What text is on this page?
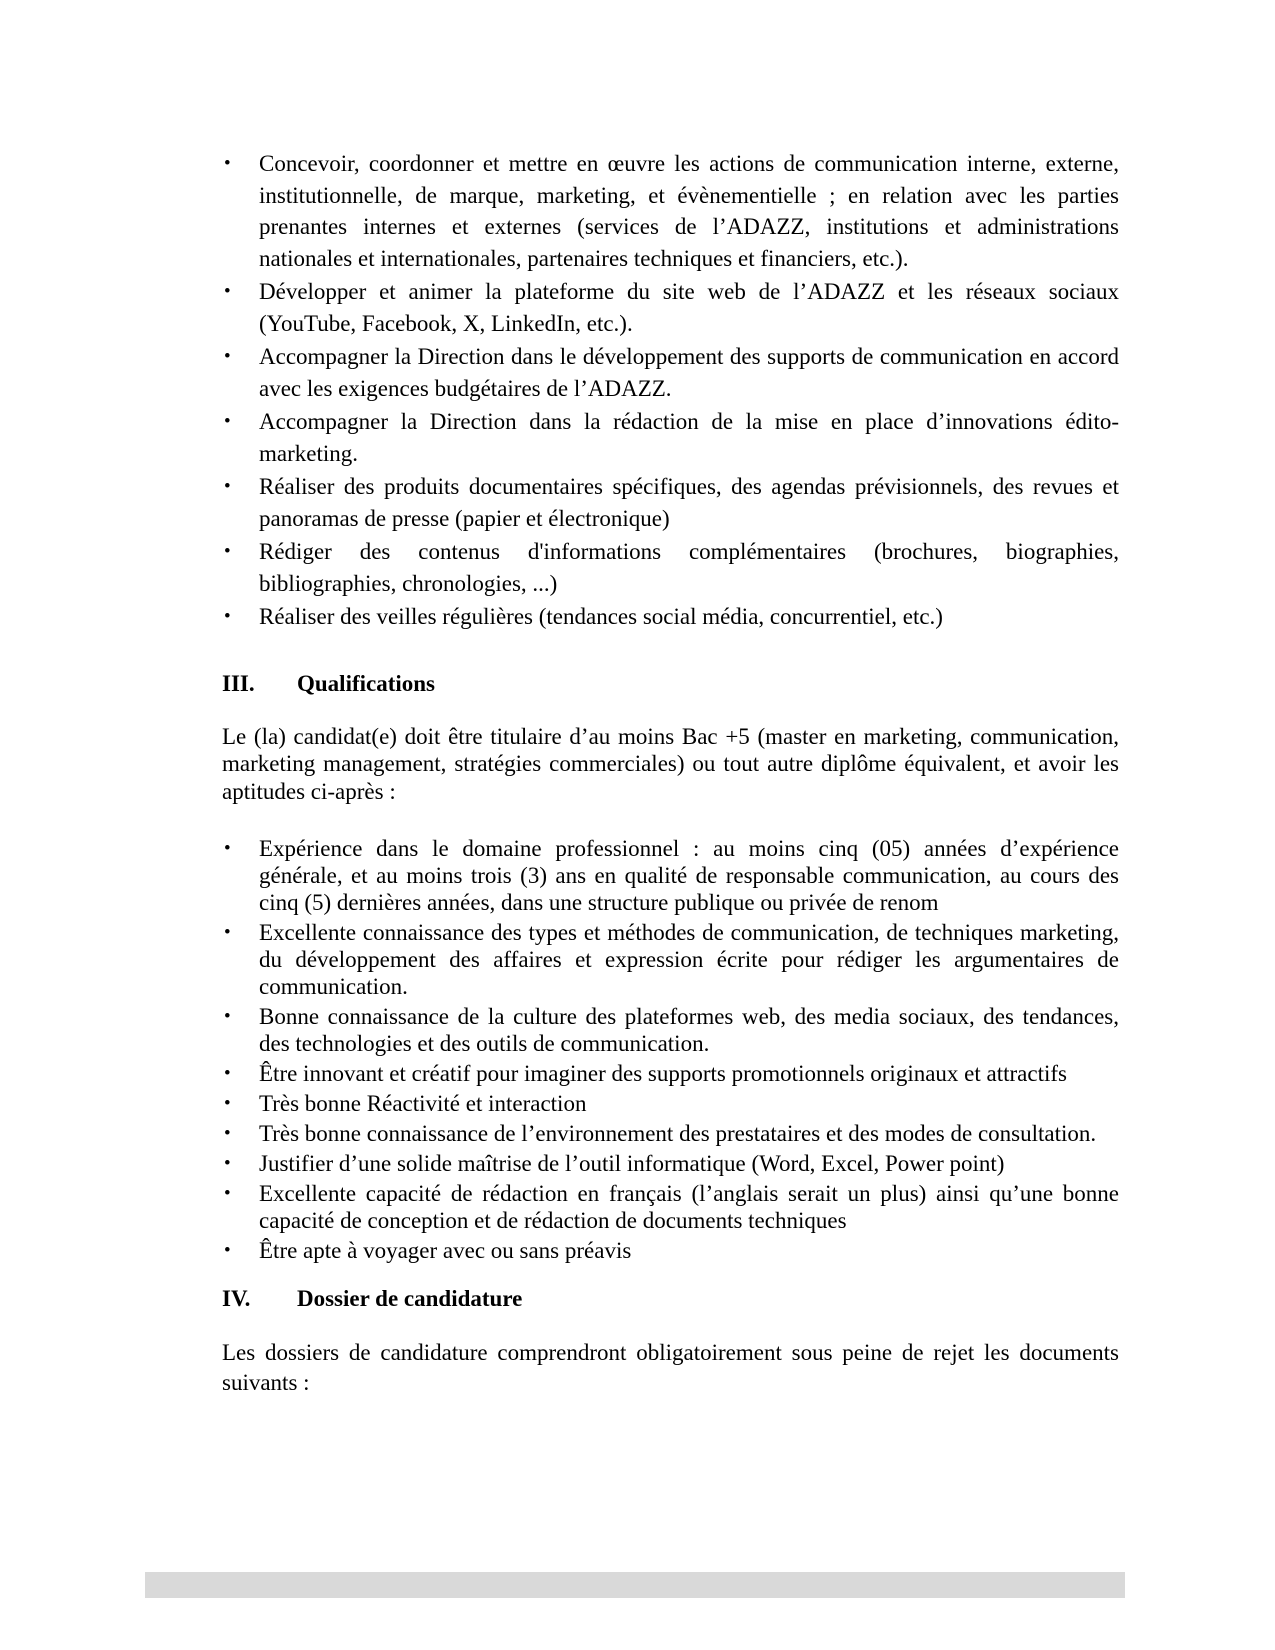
• Concevoir, coordonner et mettre en œuvre les actions de communication interne, externe, institutionnelle, de marque, marketing, et évènementielle ; en relation avec les parties prenantes internes et externes (services de l’ADAZZ, institutions et administrations nationales et internationales, partenaires techniques et financiers, etc.).
• Développer et animer la plateforme du site web de l’ADAZZ et les réseaux sociaux (YouTube, Facebook, X, LinkedIn, etc.).
• Accompagner la Direction dans le développement des supports de communication en accord avec les exigences budgétaires de l’ADAZZ.
• Accompagner la Direction dans la rédaction de la mise en place d’innovations édito-marketing.
• Réaliser des produits documentaires spécifiques, des agendas prévisionnels, des revues et panoramas de presse (papier et électronique)
• Rédiger des contenus d'informations complémentaires (brochures, biographies, bibliographies, chronologies, ...)
• Réaliser des veilles régulières (tendances social média, concurrentiel, etc.)
III.	Qualifications

Le (la) candidat(e) doit être titulaire d’au moins Bac +5 (master en marketing, communication, marketing management, stratégies commerciales) ou tout autre diplôme équivalent, et avoir les aptitudes ci-après :

• Expérience dans le domaine professionnel : au moins cinq (05) années d’expérience générale, et au moins trois (3) ans en qualité de responsable communication, au cours des cinq (5) dernières années, dans une structure publique ou privée de renom
• Excellente connaissance des types et méthodes de communication, de techniques marketing, du développement des affaires et expression écrite pour rédiger les argumentaires de communication.
• Bonne connaissance de la culture des plateformes web, des media sociaux, des tendances, des technologies et des outils de communication.
• Être innovant et créatif pour imaginer des supports promotionnels originaux et attractifs
• Très bonne Réactivité et interaction
• Très bonne connaissance de l’environnement des prestataires et des modes de consultation.
• Justifier d’une solide maîtrise de l’outil informatique (Word, Excel, Power point)
• Excellente capacité de rédaction en français (l’anglais serait un plus) ainsi qu’une bonne capacité de conception et de rédaction de documents techniques
• Être apte à voyager avec ou sans préavis
IV.	Dossier de candidature

Les dossiers de candidature comprendront obligatoirement sous peine de rejet les documents suivants :
